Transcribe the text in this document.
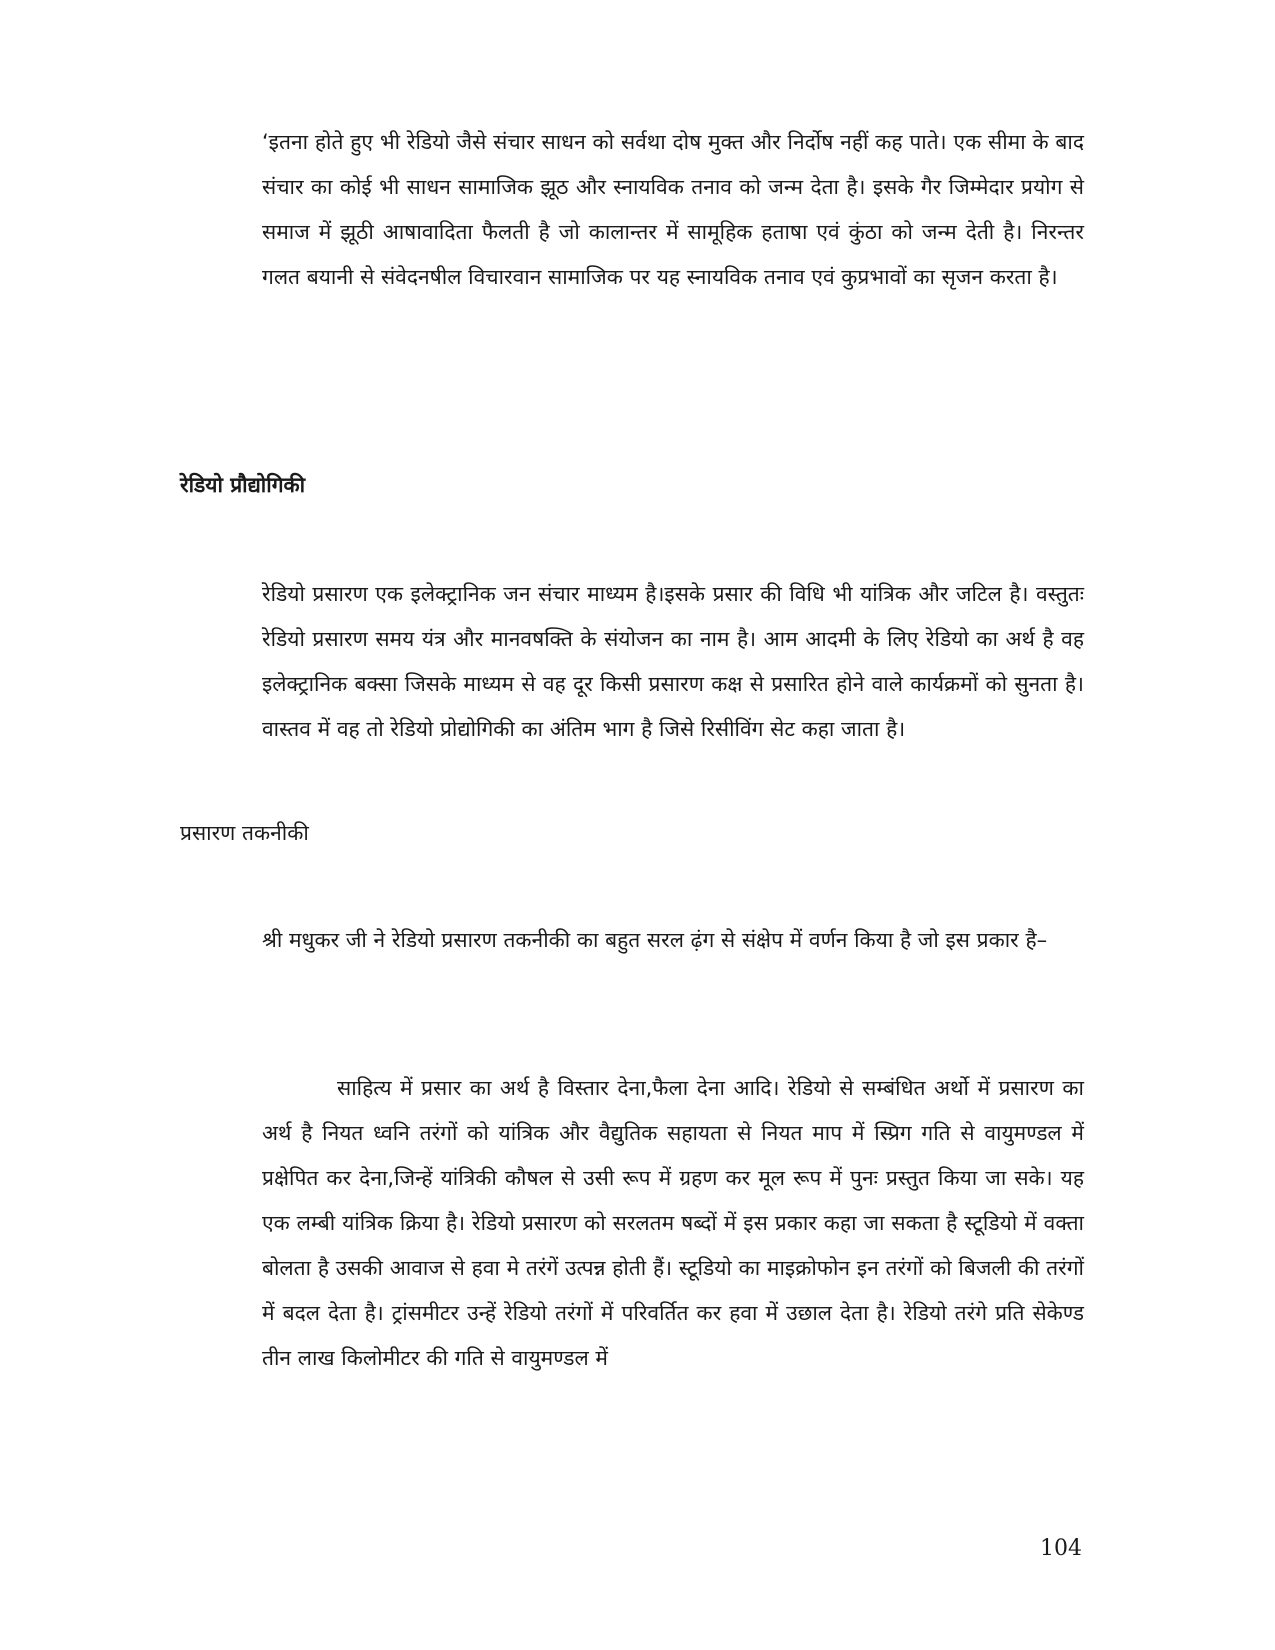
‘इतना होते हुए भी रेडियो जैसे संचार साधन को सर्वथा दोष मुक्त और निर्दोष नहीं कह पाते। एक सीमा के बाद संचार का कोई भी साधन सामाजिक झूठ और स्नायविक तनाव को जन्म देता है। इसके गैर जिम्मेदार प्रयोग से समाज में झूठी आषावादिता फैलती है जो कालान्तर में सामूहिक हताषा एवं कुंठा को जन्म देती है। निरन्तर गलत बयानी से संवेदनषील विचारवान सामाजिक पर यह स्नायविक तनाव एवं कुप्रभावों का सृजन करता है।

रेडियो प्रौद्योगिकी

रेडियो प्रसारण एक इलेक्ट्रानिक जन संचार माध्यम है।इसके प्रसार की विधि भी यांत्रिक और जटिल है। वस्तुतः रेडियो प्रसारण समय यंत्र और मानवषक्ति के संयोजन का नाम है। आम आदमी के लिए रेडियो का अर्थ है वह इलेक्ट्रानिक बक्सा जिसके माध्यम से वह दूर किसी प्रसारण कक्ष से प्रसारित होने वाले कार्यक्रमों को सुनता है। वास्तव में वह तो रेडियो प्रोद्योगिकी का अंतिम भाग है जिसे रिसीविंग सेट कहा जाता है।

प्रसारण तकनीकी

श्री मधुकर जी ने रेडियो प्रसारण तकनीकी का बहुत सरल ढ़ंग से संक्षेप में वर्णन किया है जो इस प्रकार है–

साहित्य में प्रसार का अर्थ है विस्तार देना,फैला देना आदि। रेडियो से सम्बंधित अर्थो में प्रसारण का अर्थ है नियत ध्वनि तरंगों को यांत्रिक और वैद्युतिक सहायता से नियत माप में स्प्रिग गति से वायुमण्डल में प्रक्षेपित कर देना,जिन्हें यांत्रिकी कौषल से उसी रूप में ग्रहण कर मूल रूप में पुनः प्रस्तुत किया जा सके। यह एक लम्बी यांत्रिक क्रिया है। रेडियो प्रसारण को सरलतम षब्दों में इस प्रकार कहा जा सकता है स्टूडियो में वक्ता बोलता है उसकी आवाज से हवा मे तरंगें उत्पन्न होती हैं। स्टूडियो का माइक्रोफोन इन तरंगों को बिजली की तरंगों में बदल देता है। ट्रांसमीटर उन्हें रेडियो तरंगों में परिवर्तित कर हवा में उछाल देता है। रेडियो तरंगे प्रति सेकेण्ड तीन लाख किलोमीटर की गति से वायुमण्डल में

104
